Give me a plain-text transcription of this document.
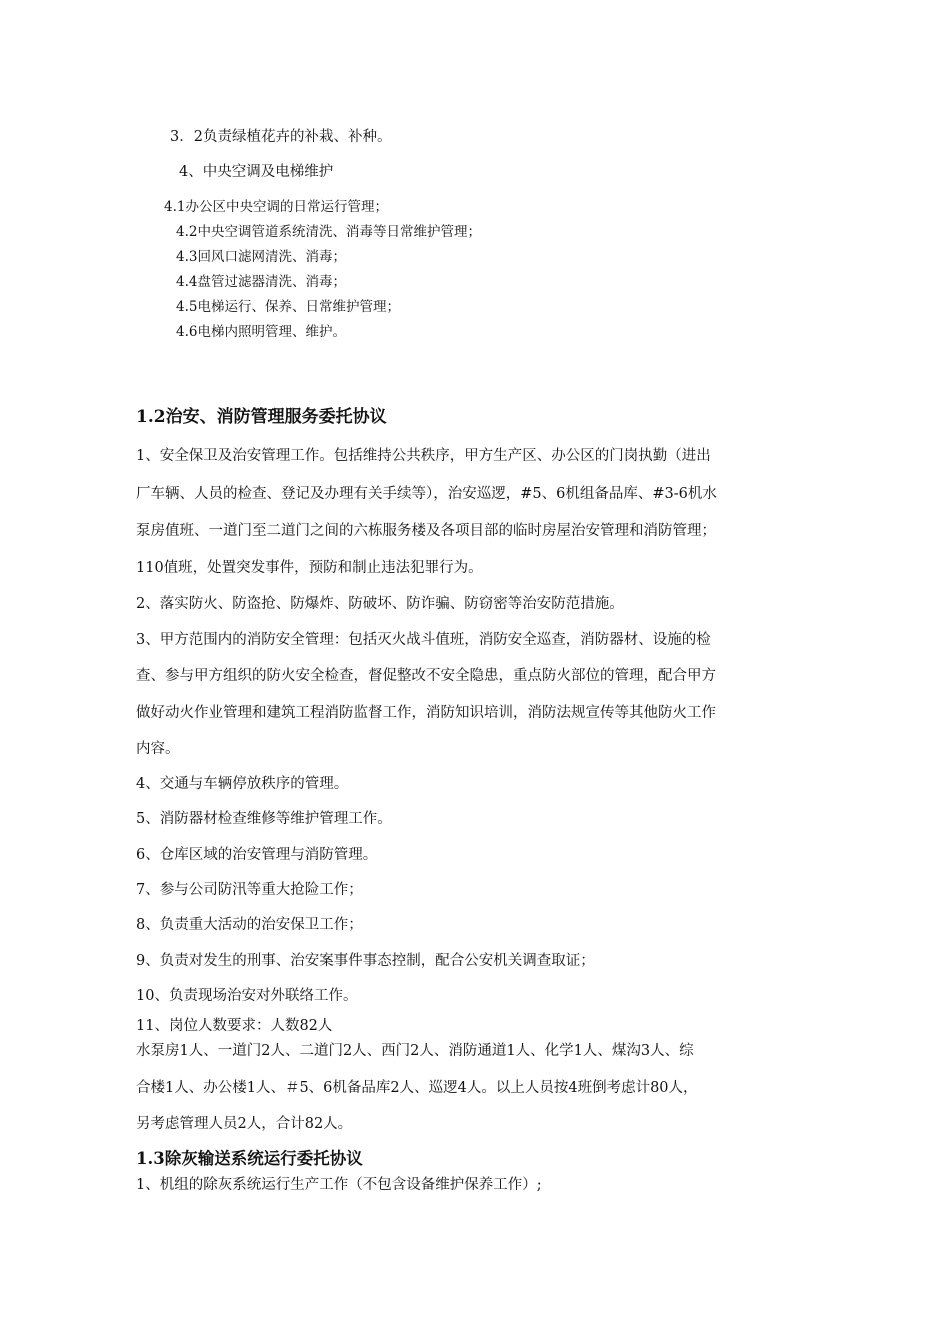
3．2负责绿植花卉的补栽、补种。
4、中央空调及电梯维护
4.1办公区中央空调的日常运行管理；
4.2中央空调管道系统清洗、消毒等日常维护管理；
4.3回风口滤网清洗、消毒；
4.4盘管过滤器清洗、消毒；
4.5电梯运行、保养、日常维护管理；
4.6电梯内照明管理、维护。
1.2治安、消防管理服务委托协议
1、安全保卫及治安管理工作。包括维持公共秩序，甲方生产区、办公区的门岗执勤（进出
厂车辆、人员的检查、登记及办理有关手续等），治安巡逻，#5、6机组备品库、#3-6机水
泵房值班、一道门至二道门之间的六栋服务楼及各项目部的临时房屋治安管理和消防管理；
110值班，处置突发事件，预防和制止违法犯罪行为。
2、落实防火、防盗抢、防爆炸、防破坏、防诈骗、防窃密等治安防范措施。
3、甲方范围内的消防安全管理：包括灭火战斗值班，消防安全巡查，消防器材、设施的检
查、参与甲方组织的防火安全检查，督促整改不安全隐患，重点防火部位的管理，配合甲方
做好动火作业管理和建筑工程消防监督工作，消防知识培训，消防法规宣传等其他防火工作
内容。
4、交通与车辆停放秩序的管理。
5、消防器材检查维修等维护管理工作。
6、仓库区域的治安管理与消防管理。
7、参与公司防汛等重大抢险工作；
8、负责重大活动的治安保卫工作；
9、负责对发生的刑事、治安案事件事态控制，配合公安机关调查取证；
10、负责现场治安对外联络工作。
11、岗位人数要求：人数82人
水泵房1人、一道门2人、二道门2人、西门2人、消防通道1人、化学1人、煤沟3人、综
合楼1人、办公楼1人、＃5、6机备品库2人、巡逻4人。以上人员按4班倒考虑计80人，
另考虑管理人员2人，合计82人。
1.3除灰输送系统运行委托协议
1、机组的除灰系统运行生产工作（不包含设备维护保养工作）;
